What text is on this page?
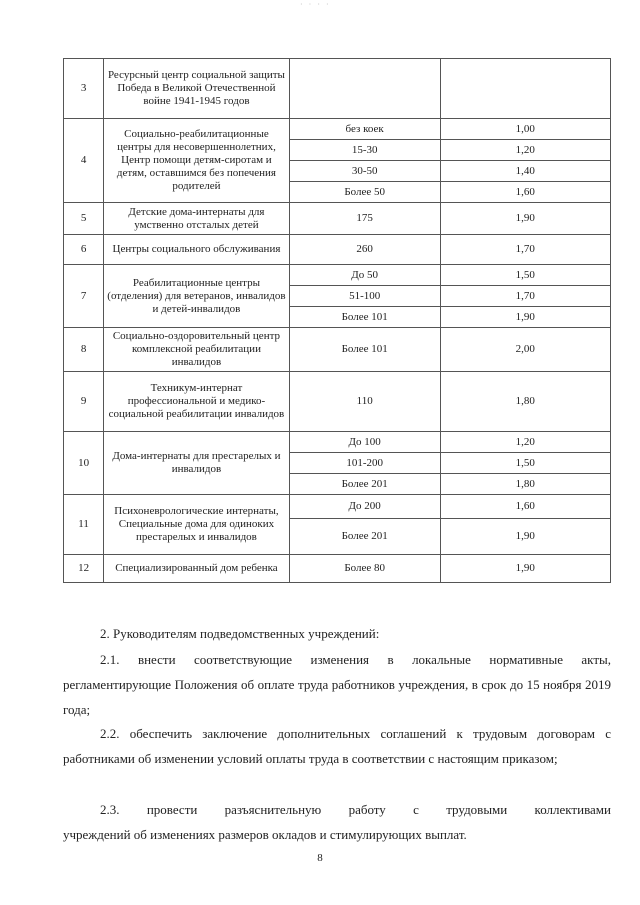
· · · ·
3	Ресурсный центр социальной защиты Победа в Великой Отечественной войне 1941-1945 годов		
4	Социально-реабилитационные центры для несовершеннолетних, Центр помощи детям-сиротам и детям, оставшимся без попечения родителей	без коек	1,00
		15-30	1,20
		30-50	1,40
		Более 50	1,60
5	Детские дома-интернаты для умственно отсталых детей	175	1,90
6	Центры социального обслуживания	260	1,70
7	Реабилитационные центры (отделения) для ветеранов, инвалидов и детей-инвалидов	До 50	1,50
		51-100	1,70
		Более 101	1,90
8	Социально-оздоровительный центр комплексной реабилитации инвалидов	Более 101	2,00
9	Техникум-интернат профессиональной и медико-социальной реабилитации инвалидов	110	1,80
10	Дома-интернаты для престарелых и инвалидов	До 100	1,20
		101-200	1,50
		Более 201	1,80
11	Психоневрологические интернаты, Специальные дома для одиноких престарелых и инвалидов	До 200	1,60
		Более 201	1,90
12	Специализированный дом ребенка	Более 80	1,90
2. Руководителям подведомственных учреждений:
2.1. внести соответствующие изменения в локальные нормативные акты, регламентирующие Положения об оплате труда работников учреждения, в срок до 15 ноября 2019 года;
2.2. обеспечить заключение дополнительных соглашений к трудовым договорам с работниками об изменении условий оплаты труда в соответствии с настоящим приказом;
2.3. провести разъяснительную работу с трудовыми коллективами
учреждений об изменениях размеров окладов и стимулирующих выплат.
8
